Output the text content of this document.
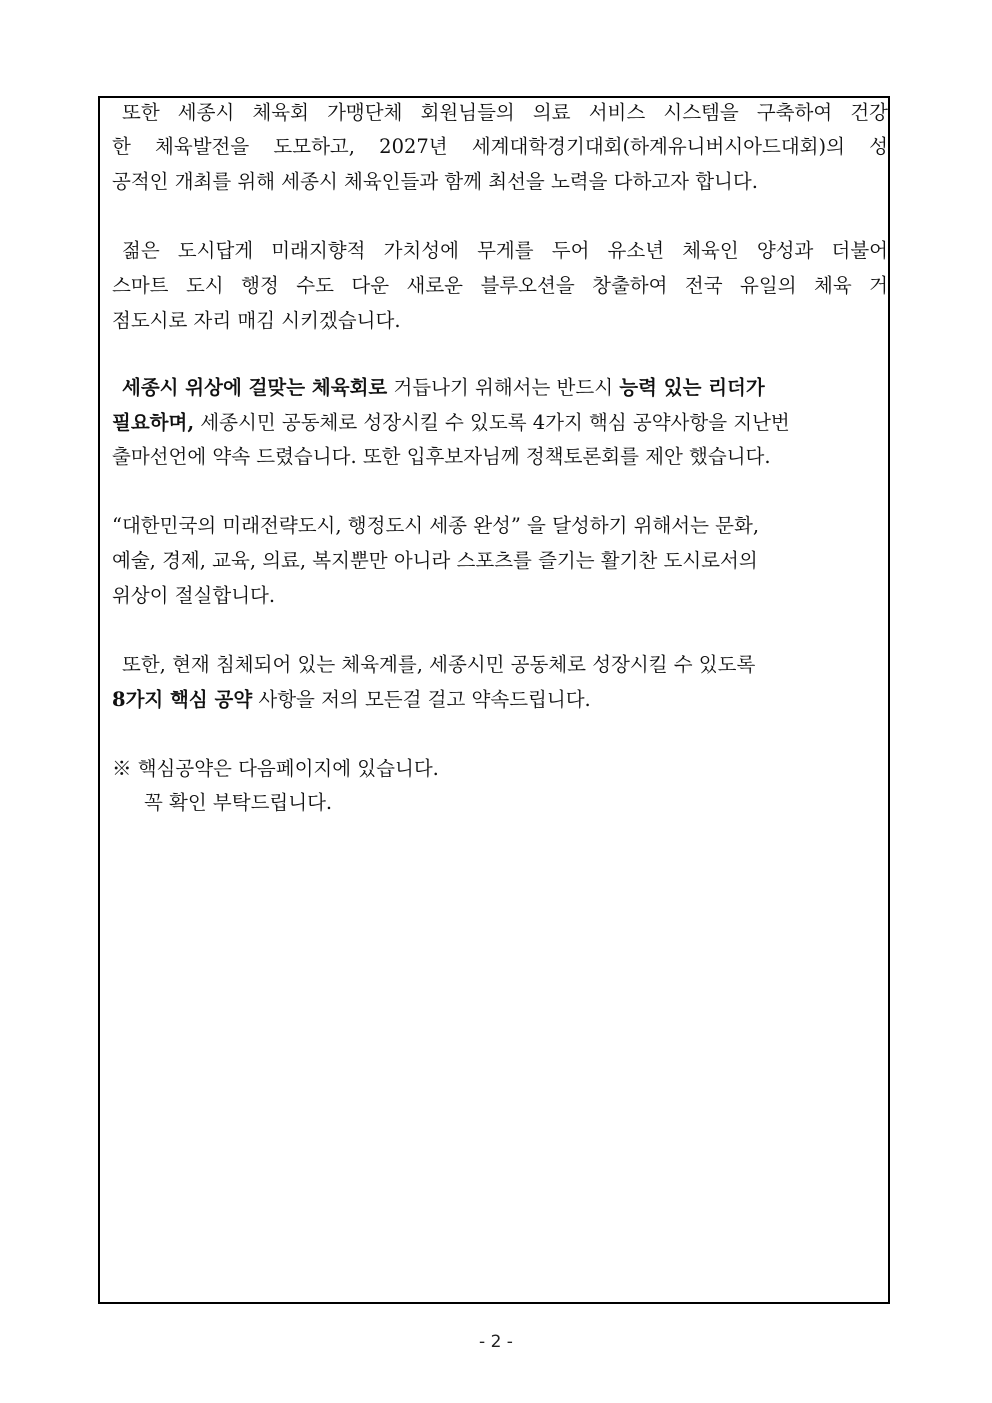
또한 세종시 체육회 가맹단체 회원님들의 의료 서비스 시스템을 구축하여 건강
한 체육발전을 도모하고, 2027년 세계대학경기대회(하계유니버시아드대회)의 성
공적인 개최를 위해 세종시 체육인들과 함께 최선을 노력을 다하고자 합니다.
젊은 도시답게 미래지향적 가치성에 무게를 두어 유소년 체육인 양성과 더불어
스마트 도시 행정 수도 다운 새로운 블루오션을 창출하여 전국 유일의 체육 거
점도시로 자리 매김 시키겠습니다.
세종시 위상에 걸맞는 체육회로 거듭나기 위해서는 반드시 능력 있는 리더가
필요하며, 세종시민 공동체로 성장시킬 수 있도록 4가지 핵심 공약사항을 지난번
출마선언에 약속 드렸습니다. 또한 입후보자님께 정책토론회를 제안 했습니다.
“대한민국의 미래전략도시, 행정도시 세종 완성” 을 달성하기 위해서는 문화,
예술, 경제, 교육, 의료, 복지뿐만 아니라 스포츠를 즐기는 활기찬 도시로서의
위상이 절실합니다.
또한, 현재 침체되어 있는 체육계를, 세종시민 공동체로 성장시킬 수 있도록
8가지 핵심 공약 사항을 저의 모든걸 걸고 약속드립니다.
※ 핵심공약은 다음페이지에 있습니다.
꼭 확인 부탁드립니다.
- 2 -
